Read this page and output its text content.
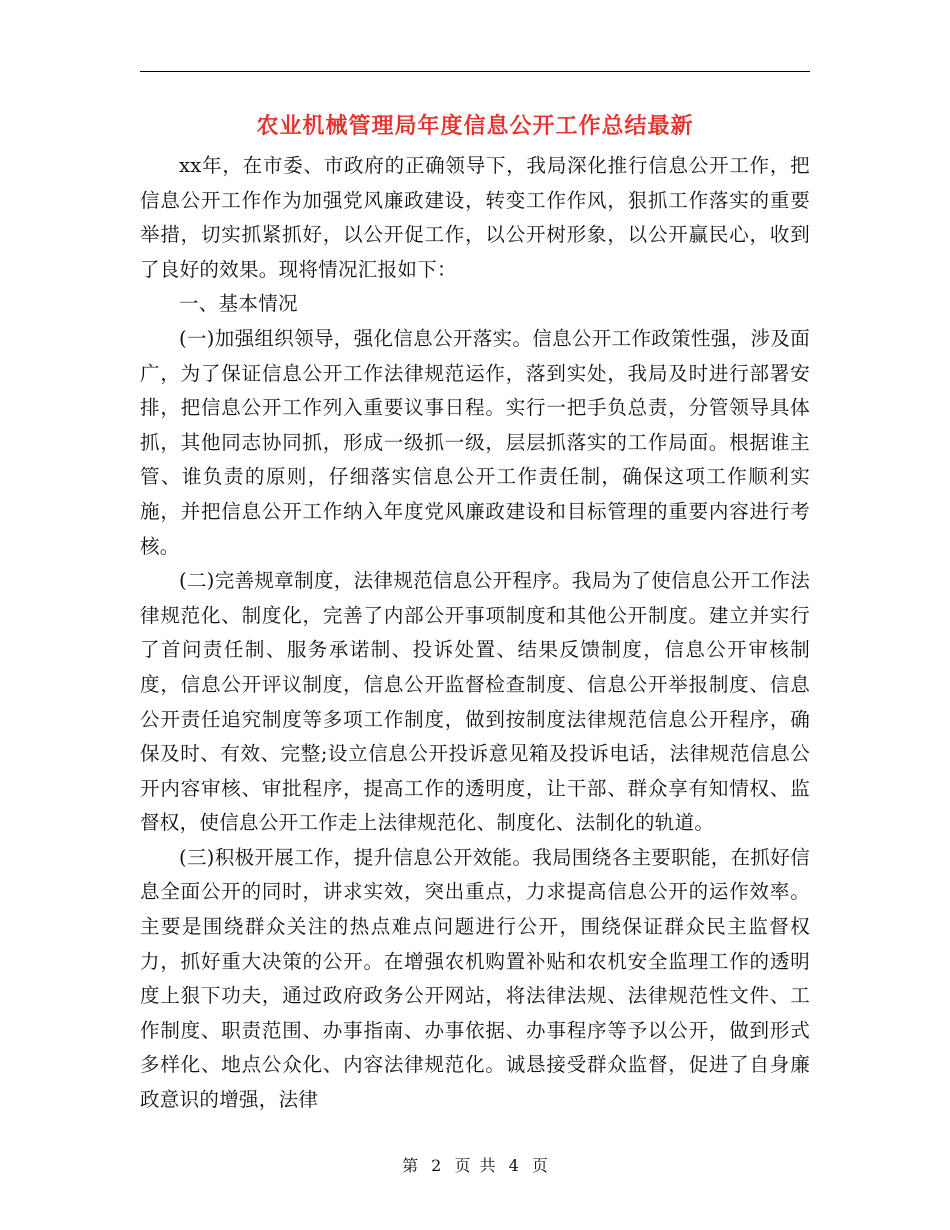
农业机械管理局年度信息公开工作总结最新

xx年，在市委、市政府的正确领导下，我局深化推行信息公开工作，把信息公开工作作为加强党风廉政建设，转变工作作风，狠抓工作落实的重要举措，切实抓紧抓好，以公开促工作，以公开树形象，以公开赢民心，收到了良好的效果。现将情况汇报如下：

一、基本情况

(一)加强组织领导，强化信息公开落实。信息公开工作政策性强，涉及面广，为了保证信息公开工作法律规范运作，落到实处，我局及时进行部署安排，把信息公开工作列入重要议事日程。实行一把手负总责，分管领导具体抓，其他同志协同抓，形成一级抓一级，层层抓落实的工作局面。根据谁主管、谁负责的原则，仔细落实信息公开工作责任制，确保这项工作顺利实施，并把信息公开工作纳入年度党风廉政建设和目标管理的重要内容进行考核。

(二)完善规章制度，法律规范信息公开程序。我局为了使信息公开工作法律规范化、制度化，完善了内部公开事项制度和其他公开制度。建立并实行了首问责任制、服务承诺制、投诉处置、结果反馈制度，信息公开审核制度，信息公开评议制度，信息公开监督检查制度、信息公开举报制度、信息公开责任追究制度等多项工作制度，做到按制度法律规范信息公开程序，确保及时、有效、完整;设立信息公开投诉意见箱及投诉电话，法律规范信息公开内容审核、审批程序，提高工作的透明度，让干部、群众享有知情权、监督权，使信息公开工作走上法律规范化、制度化、法制化的轨道。

(三)积极开展工作，提升信息公开效能。我局围绕各主要职能，在抓好信息全面公开的同时，讲求实效，突出重点，力求提高信息公开的运作效率。主要是围绕群众关注的热点难点问题进行公开，围绕保证群众民主监督权力，抓好重大决策的公开。在增强农机购置补贴和农机安全监理工作的透明度上狠下功夫，通过政府政务公开网站，将法律法规、法律规范性文件、工作制度、职责范围、办事指南、办事依据、办事程序等予以公开，做到形式多样化、地点公众化、内容法律规范化。诚恳接受群众监督，促进了自身廉政意识的增强，法律

第 2 页 共 4 页
